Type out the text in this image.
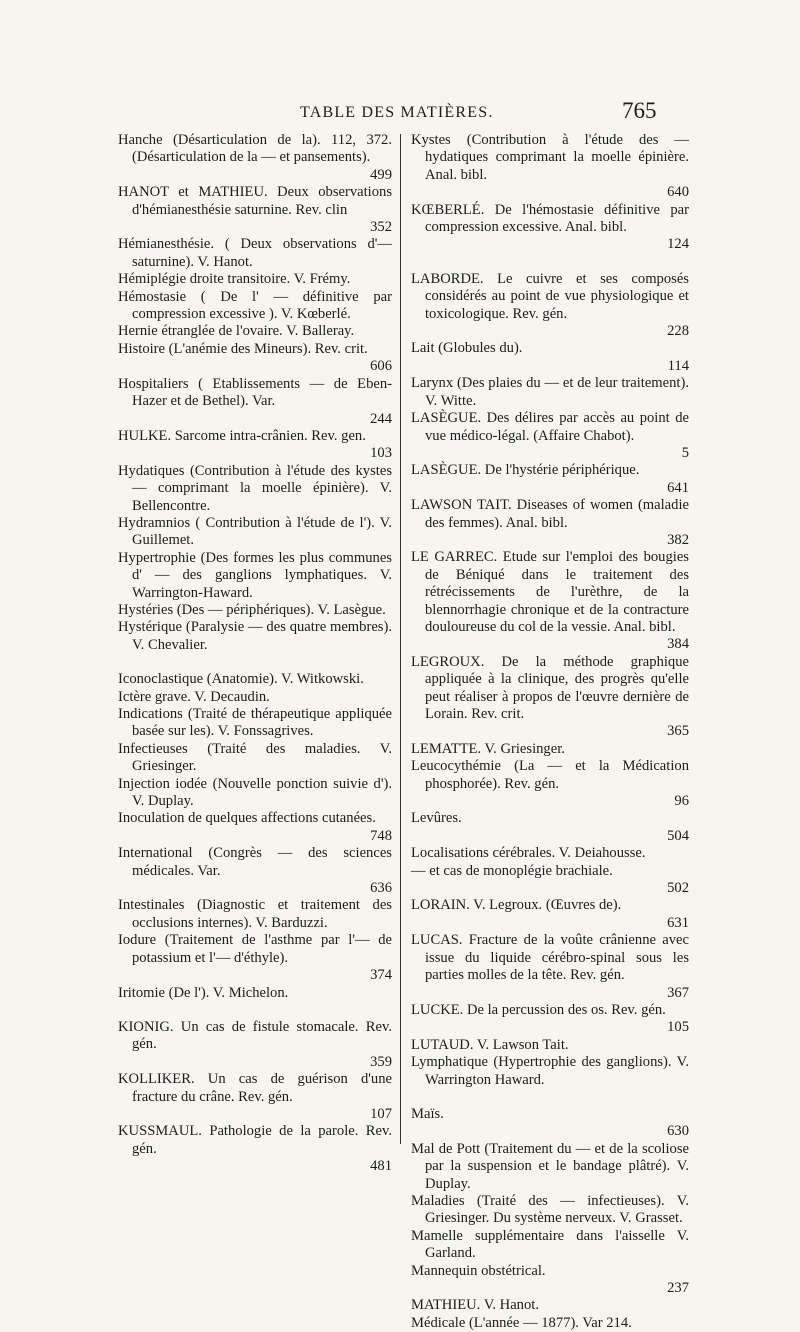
TABLE DES MATIÈRES.	765
Hanche (Désarticulation de la). 112, 372. (Désarticulation de la — et pansements).
499
HANOT et MATHIEU. Deux observations d'hémianesthésie saturnine. Rev. clin
352
Hémianesthésie. ( Deux observations d'— saturnine). V. Hanot.
Hémiplégie droite transitoire. V. Frémy.
Hémostasie ( De l' — définitive par compression excessive ). V. Kœberlé.
Hernie étranglée de l'ovaire. V. Balleray.
Histoire (L'anémie des Mineurs). Rev. crit.
606
Hospitaliers ( Etablissements — de Eben-Hazer et de Bethel). Var.
244
HULKE. Sarcome intra-crânien. Rev. gen.
103
Hydatiques (Contribution à l'étude des kystes — comprimant la moelle épinière). V. Bellencontre.
Hydramnios ( Contribution à l'étude de l'). V. Guillemet.
Hypertrophie (Des formes les plus communes d' — des ganglions lymphatiques. V. Warrington-Haward.
Hystéries (Des — périphériques). V. Lasègue.
Hystérique (Paralysie — des quatre membres). V. Chevalier.
Iconoclastique (Anatomie). V. Witkowski.
Ictère grave. V. Decaudin.
Indications (Traité de thérapeutique appliquée basée sur les). V. Fonssagrives.
Infectieuses (Traité des maladies. V. Griesinger.
Injection iodée (Nouvelle ponction suivie d'). V. Duplay.
Inoculation de quelques affections cutanées.
748
International (Congrès — des sciences médicales. Var.
636
Intestinales (Diagnostic et traitement des occlusions internes). V. Barduzzi.
Iodure (Traitement de l'asthme par l'— de potassium et l'— d'éthyle).
374
Iritomie (De l'). V. Michelon.
KIONIG. Un cas de fistule stomacale. Rev. gén.
359
KOLLIKER. Un cas de guérison d'une fracture du crâne. Rev. gén.
107
KUSSMAUL. Pathologie de la parole. Rev. gén.
481
Kystes (Contribution à l'étude des — hydatiques comprimant la moelle épinière. Anal. bibl.
640
KŒBERLÉ. De l'hémostasie définitive par compression excessive. Anal. bibl.
124
LABORDE. Le cuivre et ses composés considérés au point de vue physiologique et toxicologique. Rev. gén.
228
Lait (Globules du).
114
Larynx (Des plaies du — et de leur traitement). V. Witte.
LASÈGUE. Des délires par accès au point de vue médico-légal. (Affaire Chabot).
5
LASÈGUE. De l'hystérie périphérique.
641
LAWSON TAIT. Diseases of women (maladie des femmes). Anal. bibl.
382
LE GARREC. Etude sur l'emploi des bougies de Béniqué dans le traitement des rétrécissements de l'urèthre, de la blennorrhagie chronique et de la contracture douloureuse du col de la vessie. Anal. bibl.
384
LEGROUX. De la méthode graphique appliquée à la clinique, des progrès qu'elle peut réaliser à propos de l'œuvre dernière de Lorain. Rev. crit.
365
LEMATTE. V. Griesinger.
Leucocythémie (La — et la Médication phosphorée). Rev. gén.
96
Levûres.
504
Localisations cérébrales. V. Deiahousse.
— et cas de monoplégie brachiale.
502
LORAIN. V. Legroux. (Œuvres de).
631
LUCAS. Fracture de la voûte crânienne avec issue du liquide cérébro-spinal sous les parties molles de la tête. Rev. gén.
367
LUCKE. De la percussion des os. Rev. gén.
105
LUTAUD. V. Lawson Tait.
Lymphatique (Hypertrophie des ganglions). V. Warrington Haward.
Maïs.
630
Mal de Pott (Traitement du — et de la scoliose par la suspension et le bandage plâtré). V. Duplay.
Maladies (Traité des — infectieuses). V. Griesinger. Du système nerveux. V. Grasset.
Mamelle supplémentaire dans l'aisselle V. Garland.
Mannequin obstétrical.
237
MATHIEU. V. Hanot.
Médicale (L'année — 1877). Var 214.
